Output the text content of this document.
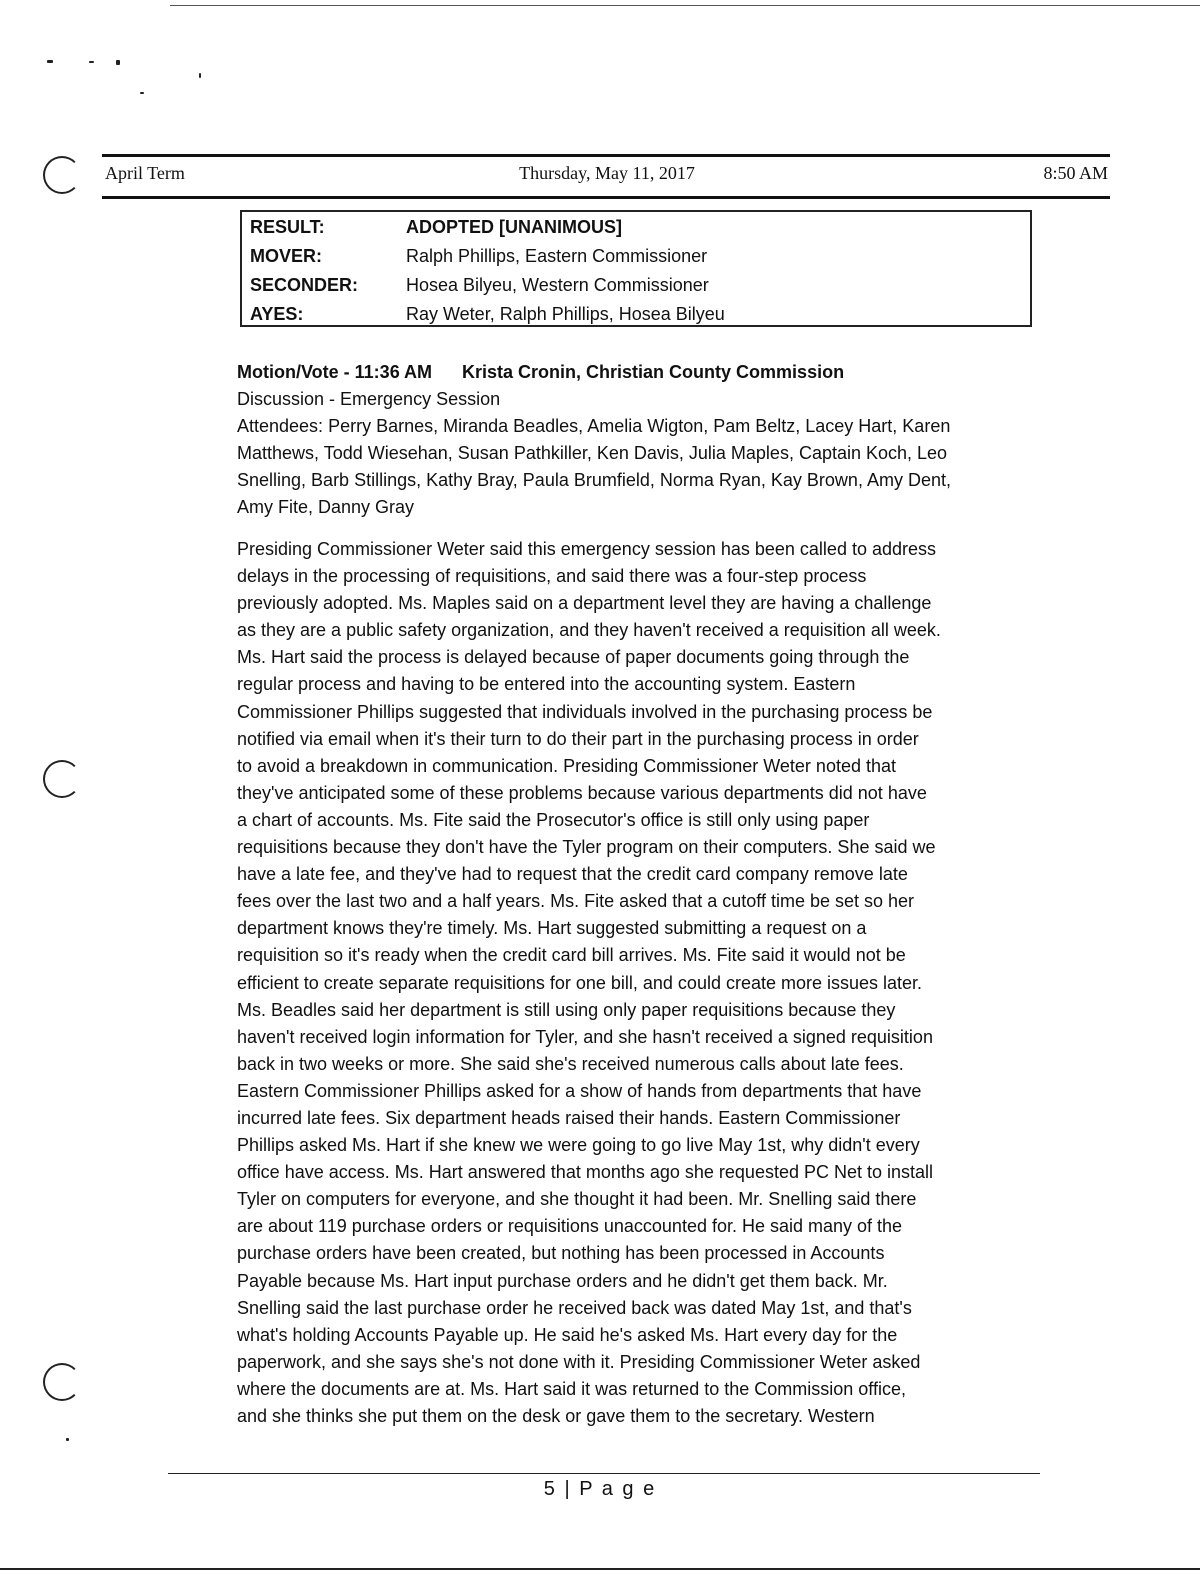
April Term	Thursday, May 11, 2017	8:50 AM
RESULT:	ADOPTED [UNANIMOUS]
MOVER:	Ralph Phillips, Eastern Commissioner
SECONDER:	Hosea Bilyeu, Western Commissioner
AYES:	Ray Weter, Ralph Phillips, Hosea Bilyeu
Motion/Vote - 11:36 AM Krista Cronin, Christian County Commission
Discussion - Emergency Session
Attendees: Perry Barnes, Miranda Beadles, Amelia Wigton, Pam Beltz, Lacey Hart, Karen
Matthews, Todd Wiesehan, Susan Pathkiller, Ken Davis, Julia Maples, Captain Koch, Leo
Snelling, Barb Stillings, Kathy Bray, Paula Brumfield, Norma Ryan, Kay Brown, Amy Dent,
Amy Fite, Danny Gray
Presiding Commissioner Weter said this emergency session has been called to address
delays in the processing of requisitions, and said there was a four-step process
previously adopted. Ms. Maples said on a department level they are having a challenge
as they are a public safety organization, and they haven't received a requisition all week.
Ms. Hart said the process is delayed because of paper documents going through the
regular process and having to be entered into the accounting system. Eastern
Commissioner Phillips suggested that individuals involved in the purchasing process be
notified via email when it's their turn to do their part in the purchasing process in order
to avoid a breakdown in communication. Presiding Commissioner Weter noted that
they've anticipated some of these problems because various departments did not have
a chart of accounts. Ms. Fite said the Prosecutor's office is still only using paper
requisitions because they don't have the Tyler program on their computers. She said we
have a late fee, and they've had to request that the credit card company remove late
fees over the last two and a half years. Ms. Fite asked that a cutoff time be set so her
department knows they're timely. Ms. Hart suggested submitting a request on a
requisition so it's ready when the credit card bill arrives. Ms. Fite said it would not be
efficient to create separate requisitions for one bill, and could create more issues later.
Ms. Beadles said her department is still using only paper requisitions because they
haven't received login information for Tyler, and she hasn't received a signed requisition
back in two weeks or more. She said she's received numerous calls about late fees.
Eastern Commissioner Phillips asked for a show of hands from departments that have
incurred late fees. Six department heads raised their hands. Eastern Commissioner
Phillips asked Ms. Hart if she knew we were going to go live May 1st, why didn't every
office have access. Ms. Hart answered that months ago she requested PC Net to install
Tyler on computers for everyone, and she thought it had been. Mr. Snelling said there
are about 119 purchase orders or requisitions unaccounted for. He said many of the
purchase orders have been created, but nothing has been processed in Accounts
Payable because Ms. Hart input purchase orders and he didn't get them back. Mr.
Snelling said the last purchase order he received back was dated May 1st, and that's
what's holding Accounts Payable up. He said he's asked Ms. Hart every day for the
paperwork, and she says she's not done with it. Presiding Commissioner Weter asked
where the documents are at. Ms. Hart said it was returned to the Commission office,
and she thinks she put them on the desk or gave them to the secretary. Western
5 | P a g e
